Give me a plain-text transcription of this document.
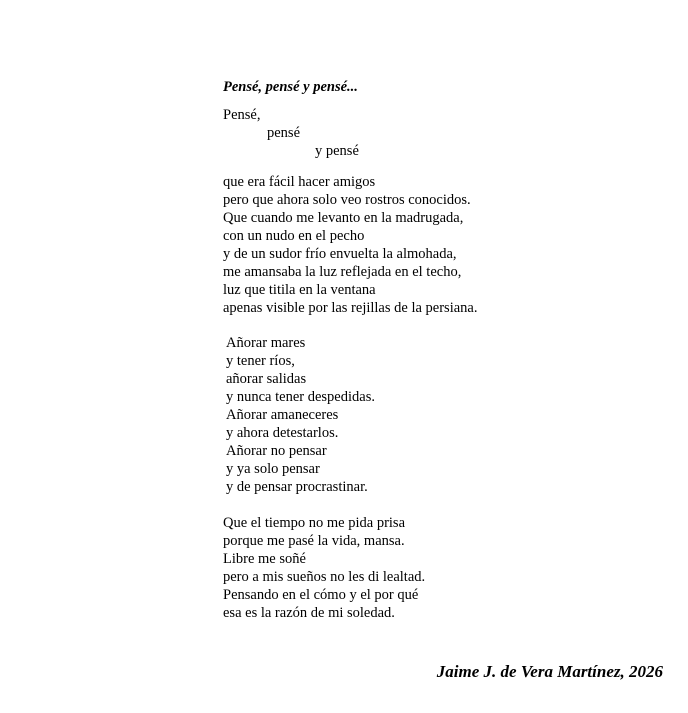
Pensé, pensé y pensé...
Pensé,
pensé
y pensé
que era fácil hacer amigos
pero que ahora solo veo rostros conocidos.
Que cuando me levanto en la madrugada,
con un nudo en el pecho
y de un sudor frío envuelta la almohada,
me amansaba la luz reflejada en el techo,
luz que titila en la ventana
apenas visible por las rejillas de la persiana.
Añorar mares
y tener ríos,
añorar salidas
y nunca tener despedidas.
Añorar amaneceres
y ahora detestarlos.
Añorar no pensar
y ya solo pensar
y de pensar procrastinar.
Que el tiempo no me pida prisa
porque me pasé la vida, mansa.
Libre me soñé
pero a mis sueños no les di lealtad.
Pensando en el cómo y el por qué
esa es la razón de mi soledad.
Jaime J. de Vera Martínez, 2026
